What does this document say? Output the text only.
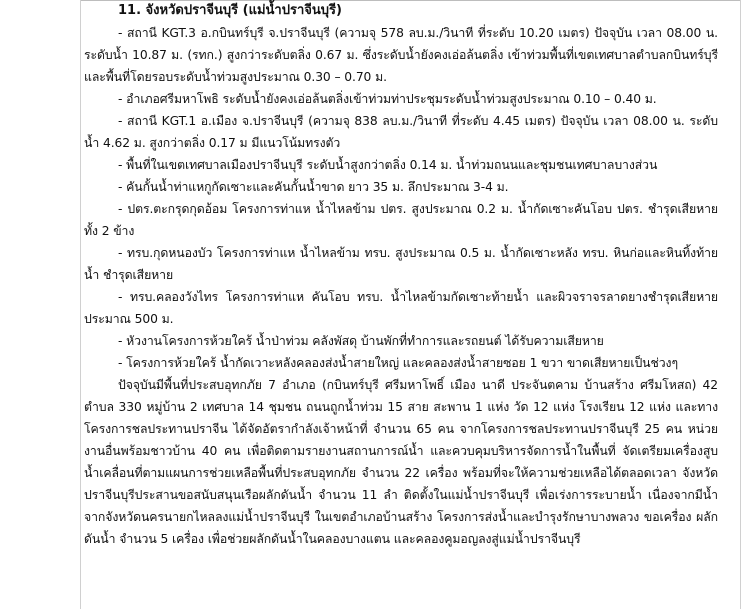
11. จังหวัดปราจีนบุรี (แม่น้ำปราจีนบุรี)

- สถานี KGT.3 อ.กบินทร์บุรี จ.ปราจีนบุรี (ความจุ 578 ลบ.ม./วินาที ที่ระดับ 10.20 เมตร) ปัจจุบัน เวลา 08.00 น. ระดับน้ำ 10.87 ม. (รทก.) สูงกว่าระดับตลิ่ง 0.67 ม. ซึ่งระดับน้ำยังคงเอ่อล้นตลิ่ง เข้าท่วมพื้นที่เขตเทศบาลตำบลกบินทร์บุรี และพื้นที่โดยรอบระดับน้ำท่วมสูงประมาณ 0.30 – 0.70 ม.

- อำเภอศรีมหาโพธิ ระดับน้ำยังคงเอ่อล้นตลิ่งเข้าท่วมท่าประชุมระดับน้ำท่วมสูงประมาณ 0.10 – 0.40 ม.

- สถานี KGT.1 อ.เมือง จ.ปราจีนบุรี (ความจุ 838 ลบ.ม./วินาที ที่ระดับ 4.45 เมตร) ปัจจุบัน เวลา 08.00 น. ระดับน้ำ 4.62 ม. สูงกว่าตลิ่ง 0.17 ม มีแนวโน้มทรงตัว

- พื้นที่ในเขตเทศบาลเมืองปราจีนบุรี ระดับน้ำสูงกว่าตลิ่ง 0.14 ม. น้ำท่วมถนนและชุมชนเทศบาลบางส่วน

- คันกั้นน้ำท่าแหกูกัดเซาะและคันกั้นน้ำขาด ยาว 35 ม. ลึกประมาณ 3-4 ม.

- ปตร.ตะกรุดกุดอ้อม โครงการท่าแห น้ำไหลข้าม ปตร. สูงประมาณ 0.2 ม. น้ำกัดเซาะคันโอบ ปตร. ชำรุดเสียหายทั้ง 2 ข้าง

- ทรบ.กุดหนองบัว โครงการท่าแห น้ำไหลข้าม ทรบ. สูงประมาณ 0.5 ม. น้ำกัดเซาะหลัง ทรบ. หินก่อและหินทิ้งท้ายน้ำ ชำรุดเสียหาย

- ทรบ.คลองวังไทร โครงการท่าแห คันโอบ ทรบ. น้ำไหลข้ามกัดเซาะท้ายน้ำ และผิวจราจรลาดยางชำรุดเสียหายประมาณ 500 ม.

- หัวงานโครงการห้วยใคร้ น้ำป่าท่วม คลังพัสดุ บ้านพักที่ทำการและรถยนต์ ได้รับความเสียหาย

- โครงการห้วยใคร้ น้ำกัดเวาะหลังคลองส่งน้ำสายใหญ่ และคลองส่งน้ำสายซอย 1 ขวา ขาดเสียหายเป็นช่วงๆ

ปัจจุบันมีพื้นที่ประสบอุทกภัย 7 อำเภอ (กบินทร์บุรี ศรีมหาโพธิ์ เมือง นาดี ประจันตคาม บ้านสร้าง ศรีมโหสถ) 42 ตำบล 330 หมู่บ้าน 2 เทศบาล 14 ชุมชน ถนนถูกน้ำท่วม 15 สาย สะพาน 1 แห่ง วัด 12 แห่ง โรงเรียน 12 แห่ง และทางโครงการชลประทานปราจีน ได้จัดอัตรากำลังเจ้าหน้าที่ จำนวน 65 คน จากโครงการชลประทานปราจีนบุรี 25 คน หน่วยงานอื่นพร้อมชาวบ้าน 40 คน เพื่อติดตามรายงานสถานการณ์น้ำ และควบคุมบริหารจัดการน้ำในพื้นที่ จัดเตรียมเครื่องสูบน้ำเคลื่อนที่ตามแผนการช่วยเหลือพื้นที่ประสบอุทกภัย จำนวน 22 เครื่อง พร้อมที่จะให้ความช่วยเหลือได้ตลอดเวลา จังหวัดปราจีนบุรีประสานขอสนับสนุนเรือผลักดันน้ำ จำนวน 11 ลำ ติดตั้งในแม่น้ำปราจีนบุรี เพื่อเร่งการระบายน้ำ เนื่องจากมีน้ำจากจังหวัดนครนายกไหลลงแม่น้ำปราจีนบุรี ในเขตอำเภอบ้านสร้าง โครงการส่งน้ำและบำรุงรักษาบางพลวง ขอเครื่อง ผลักดันน้ำ จำนวน 5 เครื่อง เพื่อช่วยผลักดันน้ำในคลองบางแตน และคลองคูมอญลงสู่แม่น้ำปราจีนบุรี
